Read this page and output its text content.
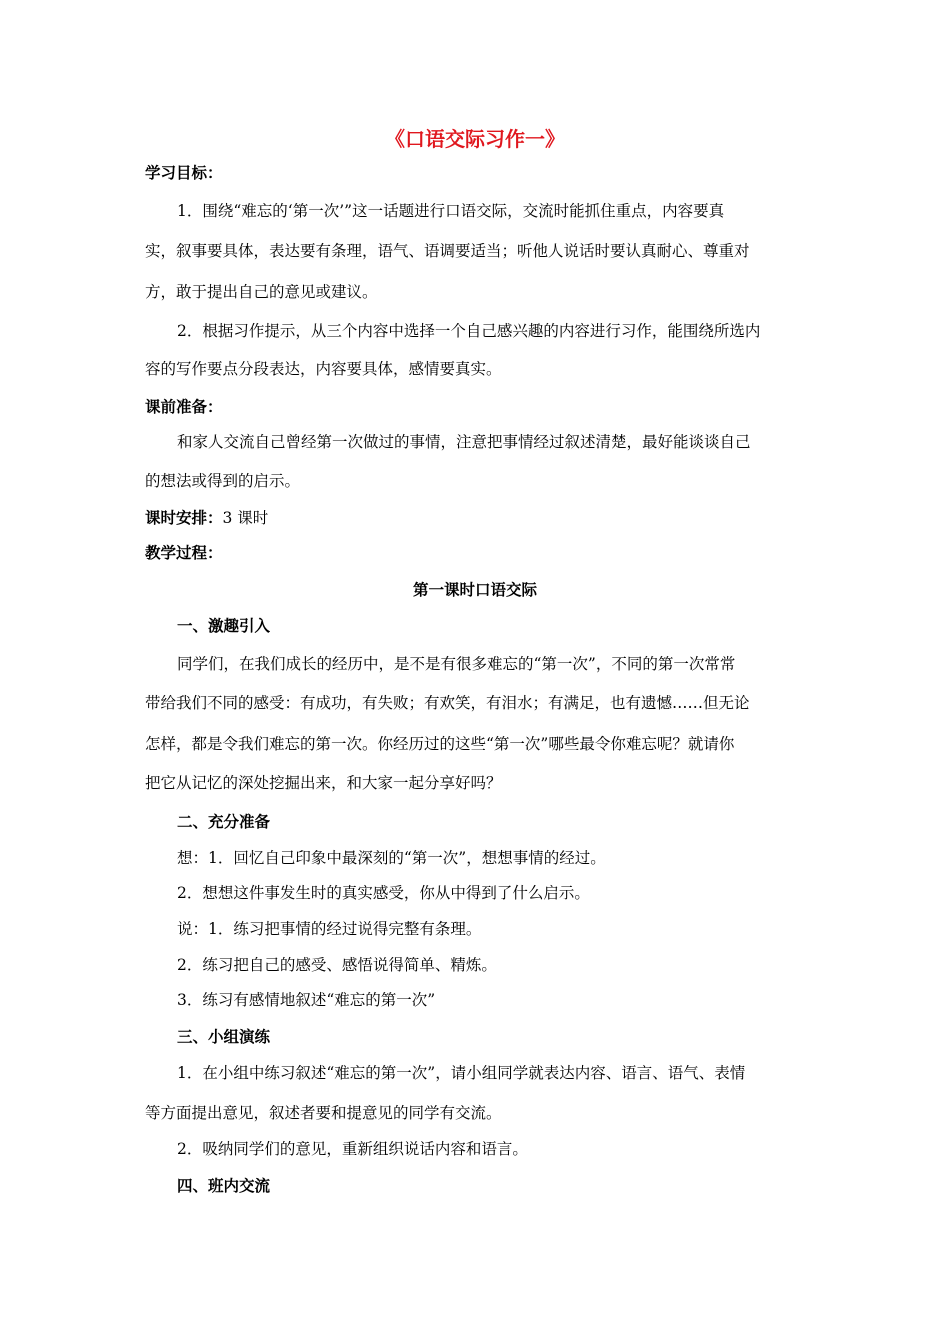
《口语交际习作一》
学习目标：
1．围绕“难忘的‘第一次’”这一话题进行口语交际，交流时能抓住重点，内容要真
实，叙事要具体，表达要有条理，语气、语调要适当；听他人说话时要认真耐心、尊重对
方，敢于提出自己的意见或建议。
2．根据习作提示，从三个内容中选择一个自己感兴趣的内容进行习作，能围绕所选内
容的写作要点分段表达，内容要具体，感情要真实。
课前准备：
和家人交流自己曾经第一次做过的事情，注意把事情经过叙述清楚，最好能谈谈自己
的想法或得到的启示。
课时安排：3 课时
教学过程：
第一课时口语交际
一、激趣引入
同学们，在我们成长的经历中，是不是有很多难忘的“第一次”，不同的第一次常常
带给我们不同的感受：有成功，有失败；有欢笑，有泪水；有满足，也有遗憾……但无论
怎样，都是令我们难忘的第一次。你经历过的这些“第一次”哪些最令你难忘呢？就请你
把它从记忆的深处挖掘出来，和大家一起分享好吗？
二、充分准备
想：1．回忆自己印象中最深刻的“第一次”，想想事情的经过。
2．想想这件事发生时的真实感受，你从中得到了什么启示。
说：1．练习把事情的经过说得完整有条理。
2．练习把自己的感受、感悟说得简单、精炼。
3．练习有感情地叙述“难忘的第一次”
三、小组演练
1．在小组中练习叙述“难忘的第一次”，请小组同学就表达内容、语言、语气、表情
等方面提出意见，叙述者要和提意见的同学有交流。
2．吸纳同学们的意见，重新组织说话内容和语言。
四、班内交流
